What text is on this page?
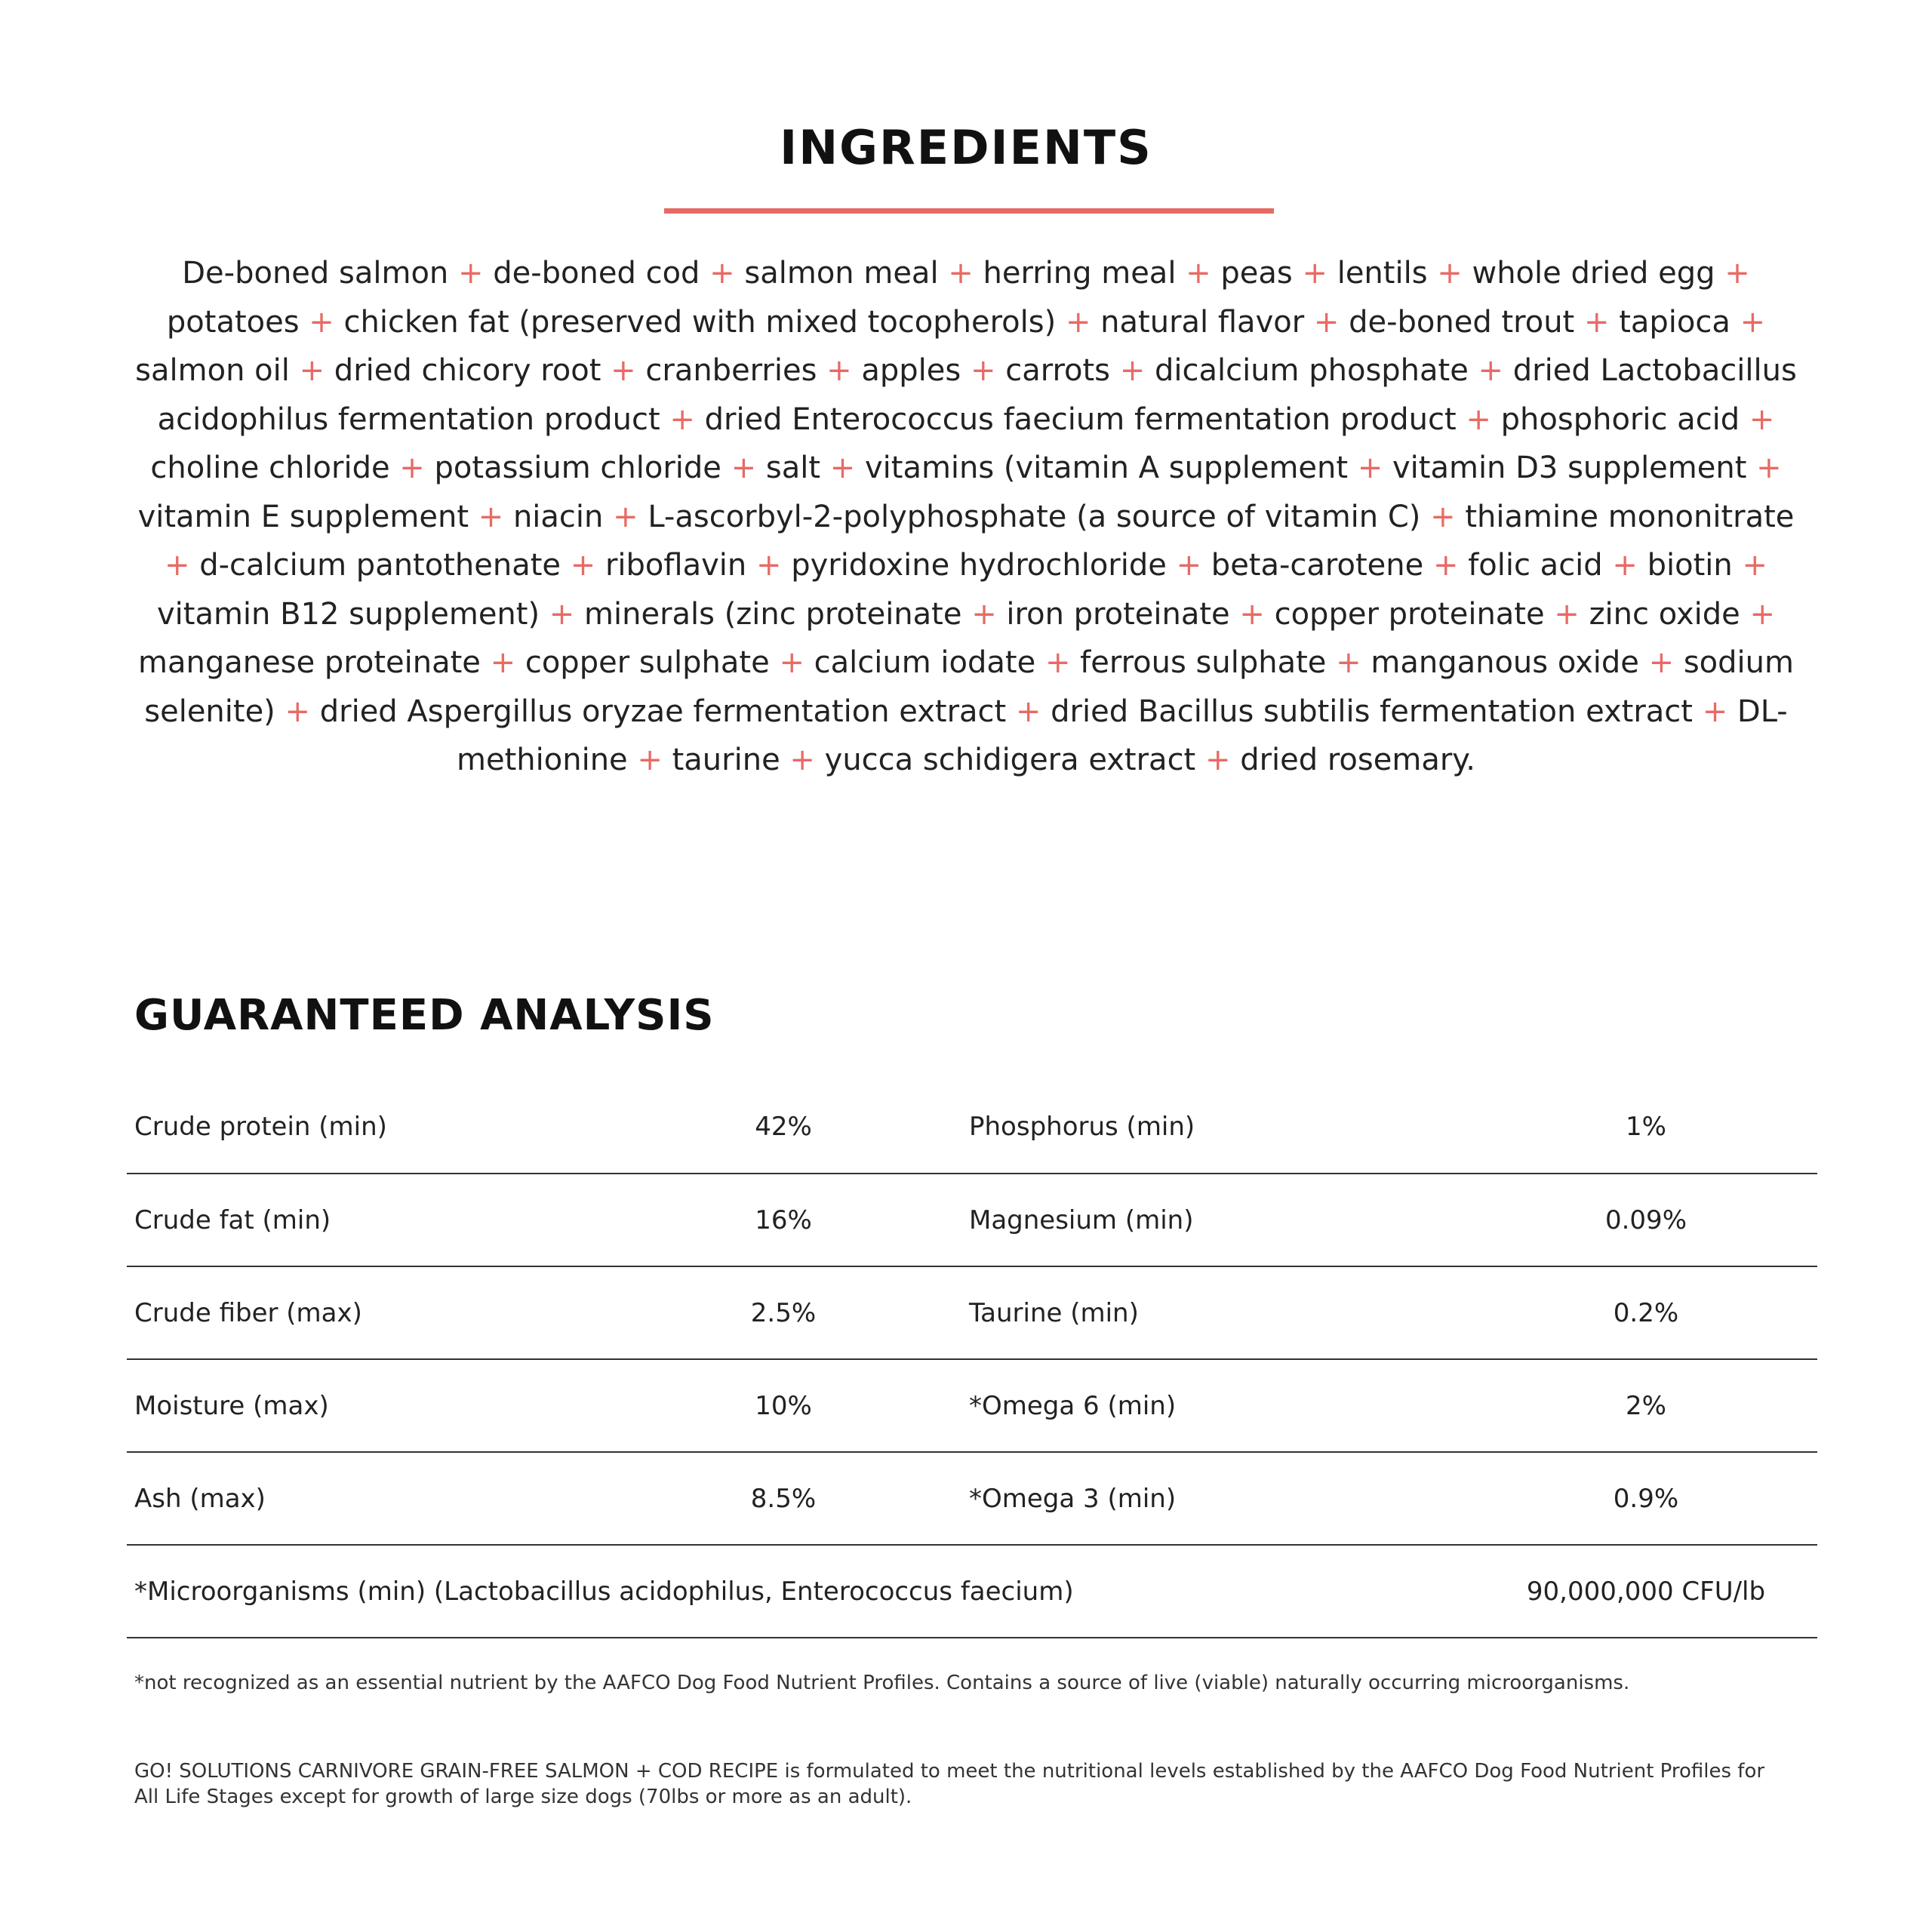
INGREDIENTS

De-boned salmon + de-boned cod + salmon meal + herring meal + peas + lentils + whole dried egg + potatoes + chicken fat (preserved with mixed tocopherols) + natural flavor + de-boned trout + tapioca + salmon oil + dried chicory root + cranberries + apples + carrots + dicalcium phosphate + dried Lactobacillus acidophilus fermentation product + dried Enterococcus faecium fermentation product + phosphoric acid + choline chloride + potassium chloride + salt + vitamins (vitamin A supplement + vitamin D3 supplement + vitamin E supplement + niacin + L-ascorbyl-2-polyphosphate (a source of vitamin C) + thiamine mononitrate + d-calcium pantothenate + riboflavin + pyridoxine hydrochloride + beta-carotene + folic acid + biotin + vitamin B12 supplement) + minerals (zinc proteinate + iron proteinate + copper proteinate + zinc oxide + manganese proteinate + copper sulphate + calcium iodate + ferrous sulphate + manganous oxide + sodium selenite) + dried Aspergillus oryzae fermentation extract + dried Bacillus subtilis fermentation extract + DL-methionine + taurine + yucca schidigera extract + dried rosemary.

GUARANTEED ANALYSIS
Crude protein (min)	42%	Phosphorus (min)	1%
Crude fat (min)	16%	Magnesium (min)	0.09%
Crude fiber (max)	2.5%	Taurine (min)	0.2%
Moisture (max)	10%	*Omega 6 (min)	2%
Ash (max)	8.5%	*Omega 3 (min)	0.9%
*Microorganisms (min) (Lactobacillus acidophilus, Enterococcus faecium)			90,000,000 CFU/lb

*not recognized as an essential nutrient by the AAFCO Dog Food Nutrient Profiles. Contains a source of live (viable) naturally occurring microorganisms.

GO! SOLUTIONS CARNIVORE GRAIN-FREE SALMON + COD RECIPE is formulated to meet the nutritional levels established by the AAFCO Dog Food Nutrient Profiles for All Life Stages except for growth of large size dogs (70lbs or more as an adult).
